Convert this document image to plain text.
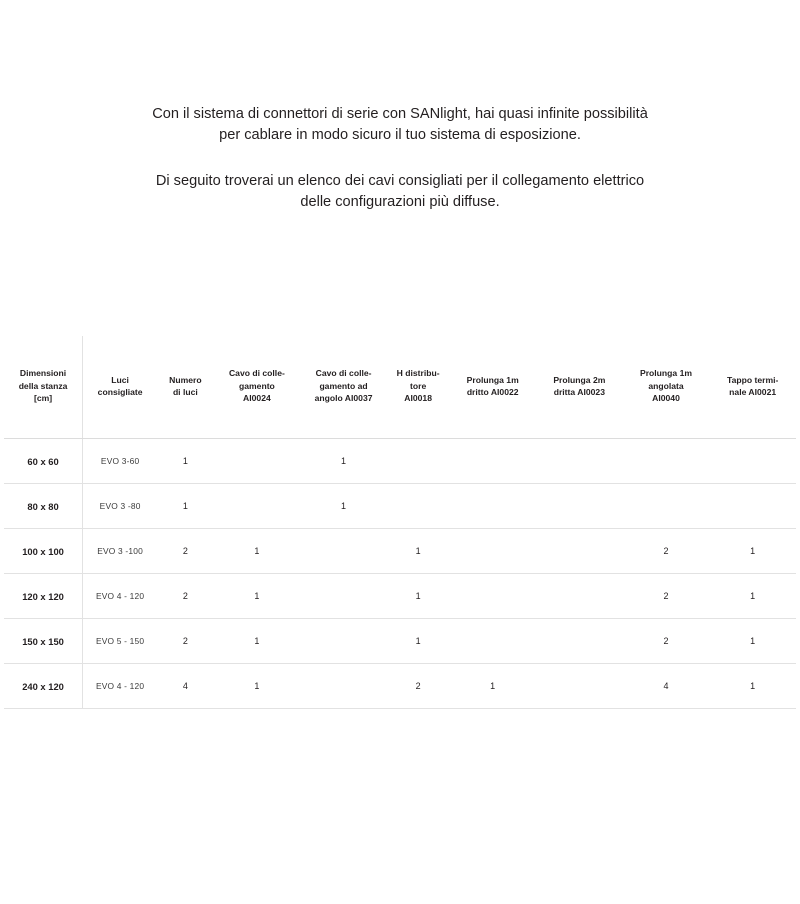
Con il sistema di connettori di serie con SANlight, hai quasi infinite possibilità
per cablare in modo sicuro il tuo sistema di esposizione.
Di seguito troverai un elenco dei cavi consigliati per il collegamento elettrico
delle configurazioni più diffuse.
Dimensioni
della stanza
[cm]	Luci
consigliate	Numero
di luci	Cavo di colle-
gamento
AI0024	Cavo di colle-
gamento ad
angolo AI0037	H distribu-
tore
AI0018	Prolunga 1m
dritto AI0022	Prolunga 2m
dritta AI0023	Prolunga 1m
angolata
AI0040	Tappo termi-
nale AI0021
60 x 60	EVO 3-60	1		1					
80 x 80	EVO 3 -80	1		1					
100 x 100	EVO 3 -100	2	1		1			2	1
120 x 120	EVO 4 - 120	2	1		1			2	1
150 x 150	EVO 5 - 150	2	1		1			2	1
240 x 120	EVO 4 - 120	4	1		2	1		4	1
